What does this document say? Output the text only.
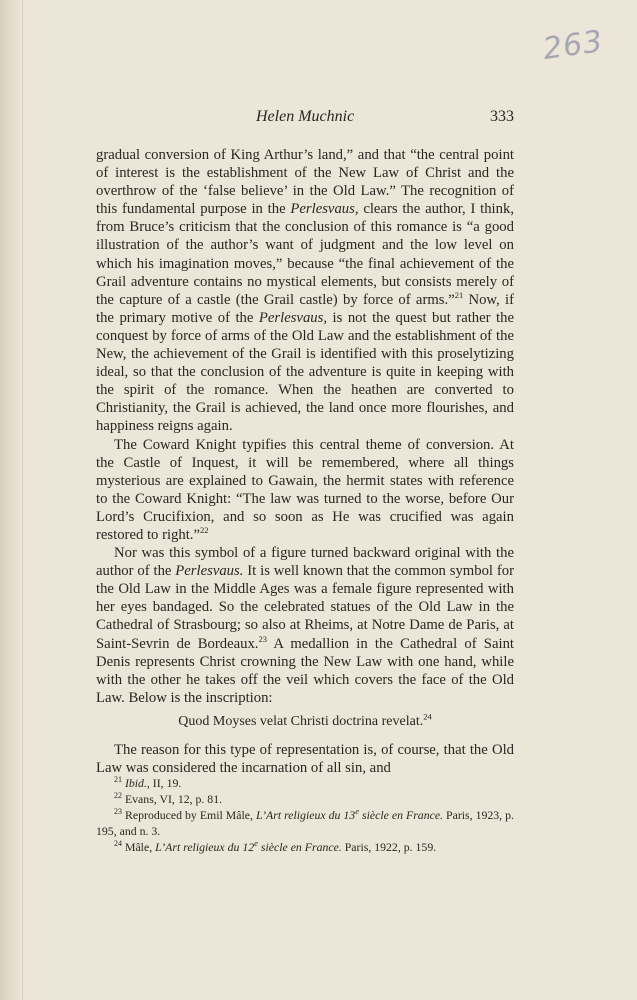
263
Helen Muchnic	333

gradual conversion of King Arthur’s land,” and that “the central point of interest is the establishment of the New Law of Christ and the overthrow of the ‘false believe’ in the Old Law.” The recognition of this fundamental purpose in the Perlesvaus, clears the author, I think, from Bruce’s criticism that the conclusion of this romance is “a good illustration of the author’s want of judgment and the low level on which his imagination moves,” because “the final achievement of the Grail adventure contains no mystical elements, but consists merely of the capture of a castle (the Grail castle) by force of arms.”$^{21}$ Now, if the primary motive of the Perlesvaus, is not the quest but rather the conquest by force of arms of the Old Law and the establishment of the New, the achievement of the Grail is identified with this proselytizing ideal, so that the conclusion of the adventure is quite in keeping with the spirit of the romance. When the heathen are converted to Christianity, the Grail is achieved, the land once more flourishes, and happiness reigns again.

The Coward Knight typifies this central theme of conversion. At the Castle of Inquest, it will be remembered, where all things mysterious are explained to Gawain, the hermit states with reference to the Coward Knight: “The law was turned to the worse, before Our Lord’s Crucifixion, and so soon as He was crucified was again restored to right.”$^{22}$

Nor was this symbol of a figure turned backward original with the author of the Perlesvaus. It is well known that the common symbol for the Old Law in the Middle Ages was a female figure represented with her eyes bandaged. So the celebrated statues of the Old Law in the Cathedral of Strasbourg; so also at Rheims, at Notre Dame de Paris, at Saint-Sevrin de Bordeaux.$^{23}$ A medallion in the Cathedral of Saint Denis represents Christ crowning the New Law with one hand, while with the other he takes off the veil which covers the face of the Old Law. Below is the inscription:

Quod Moyses velat Christi doctrina revelat.$^{24}$

The reason for this type of representation is, of course, that the Old Law was considered the incarnation of all sin, and

$^{21}$ Ibid., II, 19.

$^{22}$ Evans, VI, 12, p. 81.

$^{23}$ Reproduced by Emil Mâle, L’Art religieux du 13e siècle en France. Paris, 1923, p. 195, and n. 3.

$^{24}$ Mâle, L’Art religieux du 12e siècle en France. Paris, 1922, p. 159.
